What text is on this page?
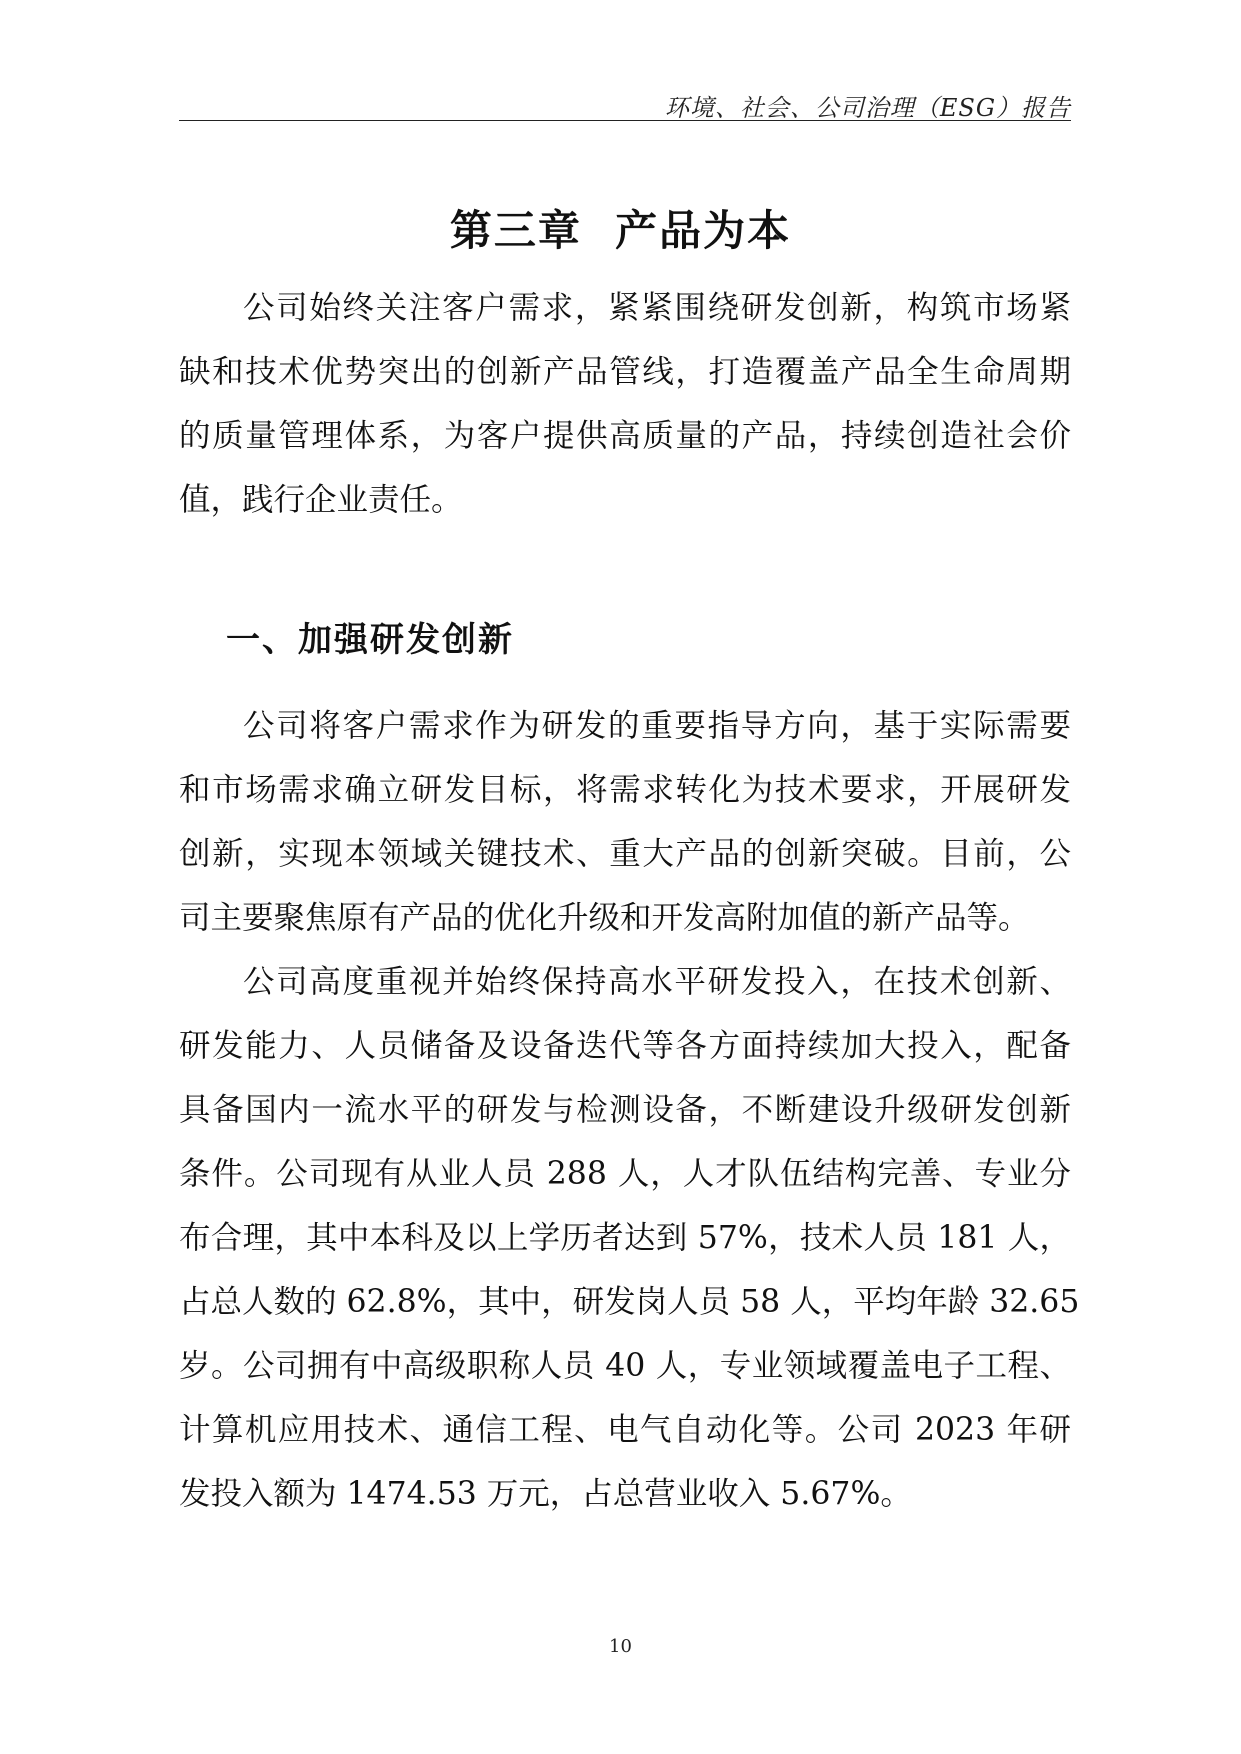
环境、社会、公司治理（ESG）报告
第三章  产品为本
公司始终关注客户需求，紧紧围绕研发创新，构筑市场紧
缺和技术优势突出的创新产品管线，打造覆盖产品全生命周期
的质量管理体系，为客户提供高质量的产品，持续创造社会价
值，践行企业责任。
一、加强研发创新
公司将客户需求作为研发的重要指导方向，基于实际需要
和市场需求确立研发目标，将需求转化为技术要求，开展研发
创新，实现本领域关键技术、重大产品的创新突破。目前，公
司主要聚焦原有产品的优化升级和开发高附加值的新产品等。
公司高度重视并始终保持高水平研发投入，在技术创新、
研发能力、人员储备及设备迭代等各方面持续加大投入，配备
具备国内一流水平的研发与检测设备，不断建设升级研发创新
条件。公司现有从业人员 288 人，人才队伍结构完善、专业分
布合理，其中本科及以上学历者达到 57%，技术人员 181 人，
占总人数的 62.8%，其中，研发岗人员 58 人，平均年龄 32.65
岁。公司拥有中高级职称人员 40 人，专业领域覆盖电子工程、
计算机应用技术、通信工程、电气自动化等。公司 2023 年研
发投入额为 1474.53 万元，占总营业收入 5.67%。
10
